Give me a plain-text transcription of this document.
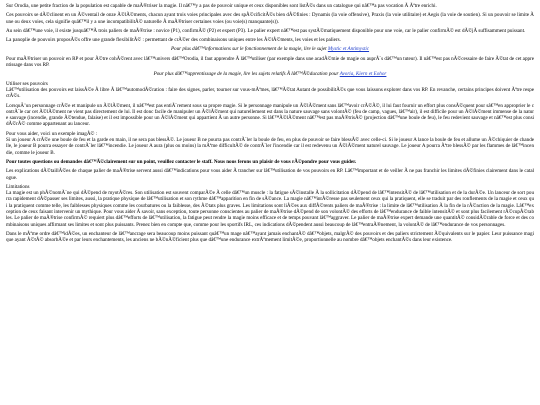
Sur Orodia, une petite fraction de la population est capable de maÃ®triser la magie. Il nâ€™y a pas de pouvoir unique et ceux disponibles sont listÃ©s dans un catalogue qui nâ€™a pas vocation Ã Ãªtre enrichi.

Ces pouvoirs se dÃ©clinent en un Ã©ventail de onze Ã©lÃ©ments, chacun ayant trois voies principales avec des spÃ©cificitÃ©s bien dÃ©finies : Dynamis (la voie offensive), Praxis (la voie utilitaire) et Aegis (la voie de soutien). Si un pouvoir se limite Ã une ou deux voies, cela signifie quâ€™il y a une incompatibilitÃ© naturelle Ã maÃ®triser certaines voies (ou voie(s) manquante(s)).

Au sein dâ€™une voie, il existe jusquâ€™Ã trois paliers de maÃ®trise : novice (P1), confirmÃ© (P2) et expert (P3). Le palier expert nâ€™est pas systÃ©matiquement disponible pour une voie, car le palier confirmÃ© est dÃ©jÃ suffisamment puissant.

La panoplie de pouvoirs proposÃ©s offre une grande flexibilitÃ© : permettant de crÃ©er des combinaisons uniques entre les Ã©lÃ©ments, les voies et les paliers.

Pour plus dâ€™informations sur le fonctionnement de la magie, lire le sujet Mystic et Antimystic

Pour maÃ®triser un pouvoir en RP et pour Ã©tre cohÃ©rent avec lâ€™univers dâ€™Orodia, il faut apprendre Ã lâ€™utiliser (par exemple dans une acadÃ©mie de magie ou auprÃ¨s dâ€™un tuteur). Il nâ€™est pas nÃ©cessaire de faire Ã©tat de cet apprentissage dans vos RP.

Pour plus dâ€™apprentissage de la magie, lire les sujets relatifs Ã lâ€™Ã©ducation pour Avoria, Kiern et Eohor

Utiliser ses pouvoirs

Lâ€™utilisation des pouvoirs est laissÃ©e Ã libre Ã lâ€™automodÃ©ration : faire des signes, parler, tourner sur vous-mÃªmes, lâ€™Ã©tat Autant de possibilitÃ©s que vous laissons explorer dans vos RP. En revanche, certains principes doivent Ãªtre respectÃ©s.

LorsquÂ’un personnage crÃ©e et manipule un Ã©lÃ©ment, il nâ€™est pas entiÃ¨rement sous sa propre magie. Si le personnage manipule un Ã©lÃ©ment sans lâ€™avoir crÃ©Ã©, il lui faut fournir un effort plus consÃ©quent pour sâ€™en approprier le contrÃ´le car cet Ã©lÃ©ment ne vient pas directement de lui. Il est donc facile de manipuler un Ã©lÃ©ment qui naturellement est dans la nature sauvage sans volontÃ© (feu de camp, vagues, lâ€™air), il est difficile pour un Ã©lÃ©ment immense de la nature sauvage (incendie, grande Ã©tendue, falaise) et il est impossible pour un Ã©lÃ©ment qui appartient Ã un autre personne. Si lâ€™Ã©lÃ©ment nâ€™est pas maÃ®trisÃ© (projection dâ€™une boule de feu), le feu redevient sauvage et nâ€™est plus considÃ©rÃ© comme appartenant au lanceur.

Pour vous aider, voici un exemple imagÃ© :

Si un joueur A crÃ©e une boule de feu et la garde en main, il ne sera pas blessÃ©. Le joueur B ne pourra pas contrÃ´ler la boule de feu, en plus de pouvoir se faire blessÃ© avec celle-ci. Si le joueur A lance la boule de feu et allume un Ã©chiquier de chandelle, le joueur B pourra essayer de contrÃ´ler lâ€™incendie. Le joueur A aura (plus ou moins) la mÃªme difficultÃ© de contrÃ´ler l'incendie car il est redevenu un Ã©lÃ©ment naturel sauvage. Le joueur A pourra Ãªtre blessÃ© par les flammes de lâ€™incendie, comme le joueur B.

Pour toutes questions ou demandes dâ€™Ã©clairement sur un point, veuillez contacter le staff. Nous nous ferons un plaisir de vous rÃ©pondre pour vous guider.

Les explications dÃ©taillÃ©es de chaque palier de maÃ®trise servent aussi dâ€™indications pour vous aider Ã trancher sur lâ€™utilisation de vos pouvoirs en RP. Lâ€™important et de veiller Ã ne pas franchir les limites dÃ©finies clairement dans le catalogue.

Limitations

La magie est un phÃ©nomÃ¨ne qui dÃ©pend de myotÃ©res. Son utilisation est souvent comparÃ©e Ã celle dâ€™un muscle : la fatigue sÃ©installe Ã la sollicitation dÃ©pend de lâ€™intensitÃ© de lâ€™utilisation et de la durÃ©e. Un lanceur de sort pourra rapidement dÃ©passer ses limites, aussi, la pratique physique de lâ€™utilisation et son rythme dâ€™apparition en fin de sÃ©ance. La magie nâ€™intÃ©resse pas seulement ceux qui la pratiquent, elle se traduit par des ronflements de la magie et ceux qui la pratiquent comme telle, les faiblesses physiques comme les courbatures ou la faiblesse, des Ã©tats plus graves. Les limitations sont liÃ©es aux diffÃ©rents paliers de maÃ®trise : la limite de lâ€™utilisation Ã la fin de la rÃ©action de la magie. Lâ€™exception de ceux faisant intervenir un mythique. Pour vous aider Ã savoir, sans exception, toute personne conscientes au palier de maÃ®trise dÃ©pend de son volontÃ© des efforts de lâ€™endurance de faible intensitÃ© et sont plus facilement rÃ©cupÃ©rables. Le palier de maÃ®trise confirmÃ© requiert plus dâ€™efforts de lâ€™utilisation, la fatigue peut rendre la magie moins efficace et de temps pouvant lâ€™aggraver. Le palier de maÃ®trise expert demande une quantitÃ© considÃ©rable de force et des combinaisons uniques affirmant ses limites et sont plus puissants. Prenez bien en compte que, comme pour les sportifs IRL, ces indications dÃ©pendent aussi beaucoup de lâ€™entraÃ®nement, la volontÃ© de lâ€™endurance de vos personnages.

Dans le mÃªme ordre dâ€™idÃ©es, un enchanteur de lâ€™ancrage sera beaucoup moins puissant quâ€™un mage nâ€™ayant jamais enchantÃ© dâ€™objets, malgrÃ© des pouvoirs et des paliers strictement Ã©quivalents sur le papier. Leur puissance magique ayant Ã©tÃ© absorbÃ©e et par leurs enchantements, les anciens ne bÃ©nÃ©ficient plus que dâ€™une endurance extrÃªmement limitÃ©e, proportionnelle au nombre dâ€™objets enchantÃ©s dans leur existence.
